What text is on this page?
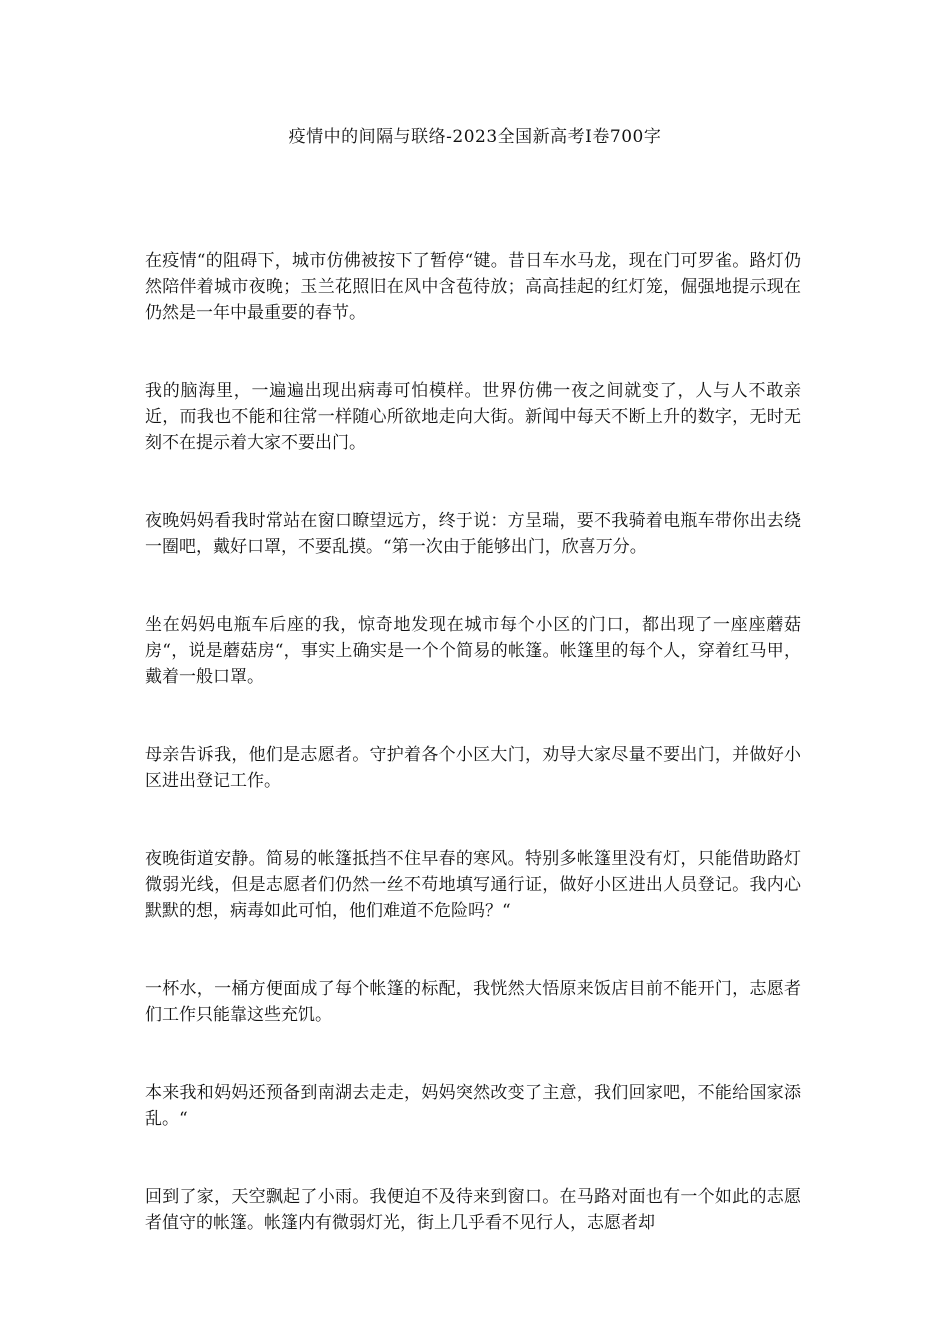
疫情中的间隔与联络-2023全国新高考Ⅰ卷700字

在疫情“的阻碍下，城市仿佛被按下了暂停“键。昔日车水马龙，现在门可罗雀。路灯仍然陪伴着城市夜晚；玉兰花照旧在风中含苞待放；高高挂起的红灯笼，倔强地提示现在仍然是一年中最重要的春节。

我的脑海里，一遍遍出现出病毒可怕模样。世界仿佛一夜之间就变了，人与人不敢亲近，而我也不能和往常一样随心所欲地走向大街。新闻中每天不断上升的数字，无时无刻不在提示着大家不要出门。

夜晚妈妈看我时常站在窗口瞭望远方，终于说：方呈瑞，要不我骑着电瓶车带你出去绕一圈吧，戴好口罩，不要乱摸。“第一次由于能够出门，欣喜万分。

坐在妈妈电瓶车后座的我，惊奇地发现在城市每个小区的门口，都出现了一座座蘑菇房“，说是蘑菇房“，事实上确实是一个个简易的帐篷。帐篷里的每个人，穿着红马甲，戴着一般口罩。

母亲告诉我，他们是志愿者。守护着各个小区大门，劝导大家尽量不要出门，并做好小区进出登记工作。

夜晚街道安静。简易的帐篷抵挡不住早春的寒风。特别多帐篷里没有灯，只能借助路灯微弱光线，但是志愿者们仍然一丝不苟地填写通行证，做好小区进出人员登记。我内心默默的想，病毒如此可怕，他们难道不危险吗？“

一杯水，一桶方便面成了每个帐篷的标配，我恍然大悟原来饭店目前不能开门，志愿者们工作只能靠这些充饥。

本来我和妈妈还预备到南湖去走走，妈妈突然改变了主意，我们回家吧，不能给国家添乱。“

回到了家，天空飘起了小雨。我便迫不及待来到窗口。在马路对面也有一个如此的志愿者值守的帐篷。帐篷内有微弱灯光，街上几乎看不见行人，志愿者却
